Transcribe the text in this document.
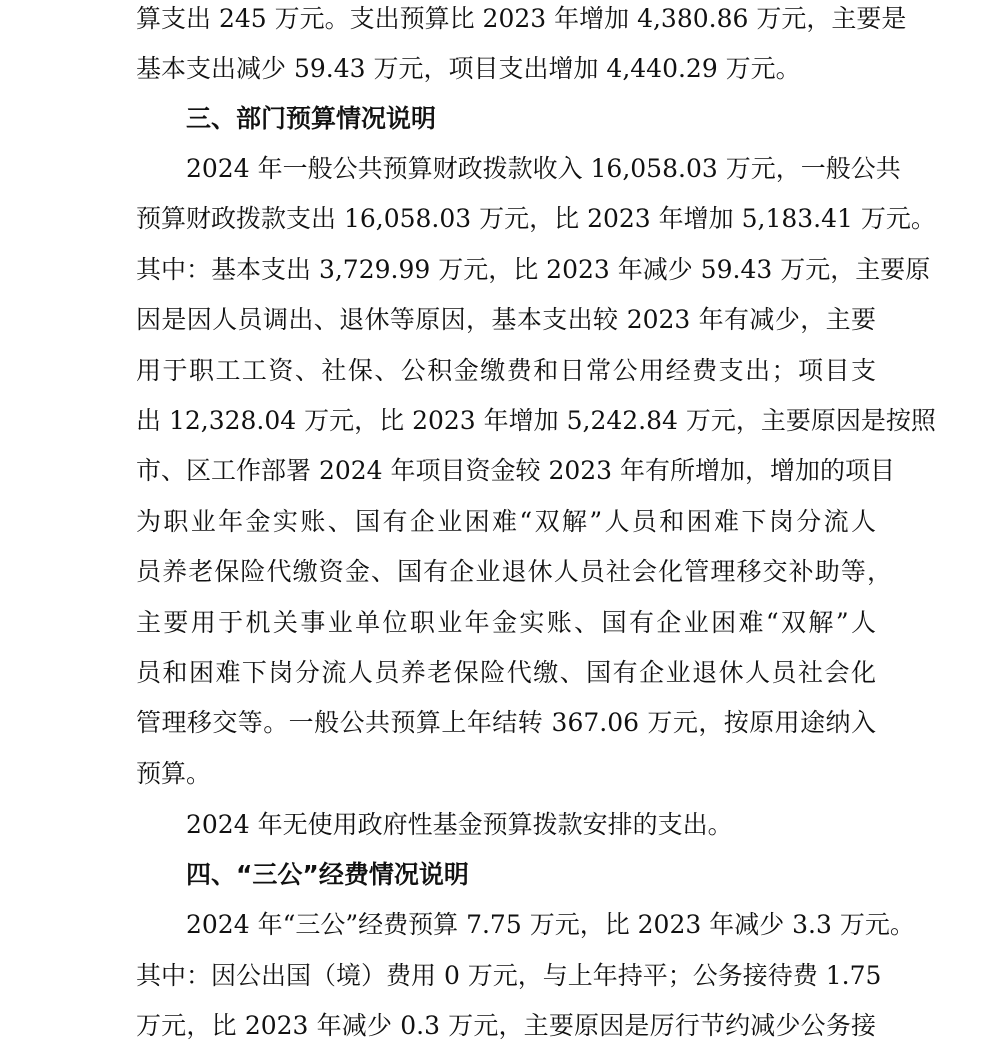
算支出 245 万元。支出预算比 2023 年增加 4,380.86 万元，主要是
基本支出减少 59.43 万元，项目支出增加 4,440.29 万元。
三、部门预算情况说明
2024 年一般公共预算财政拨款收入 16,058.03 万元，一般公共
预算财政拨款支出 16,058.03 万元，比 2023 年增加 5,183.41 万元。
其中：基本支出 3,729.99 万元，比 2023 年减少 59.43 万元，主要原
因是因人员调出、退休等原因，基本支出较 2023 年有减少，主要
用于职工工资、社保、公积金缴费和日常公用经费支出；项目支
出 12,328.04 万元，比 2023 年增加 5,242.84 万元，主要原因是按照
市、区工作部署 2024 年项目资金较 2023 年有所增加，增加的项目
为职业年金实账、国有企业困难“双解”人员和困难下岗分流人
员养老保险代缴资金、国有企业退休人员社会化管理移交补助等，
主要用于机关事业单位职业年金实账、国有企业困难“双解”人
员和困难下岗分流人员养老保险代缴、国有企业退休人员社会化
管理移交等。一般公共预算上年结转 367.06 万元，按原用途纳入
预算。
2024 年无使用政府性基金预算拨款安排的支出。
四、“三公”经费情况说明
2024 年“三公”经费预算 7.75 万元，比 2023 年减少 3.3 万元。
其中：因公出国（境）费用 0 万元，与上年持平；公务接待费 1.75
万元，比 2023 年减少 0.3 万元，主要原因是厉行节约减少公务接
